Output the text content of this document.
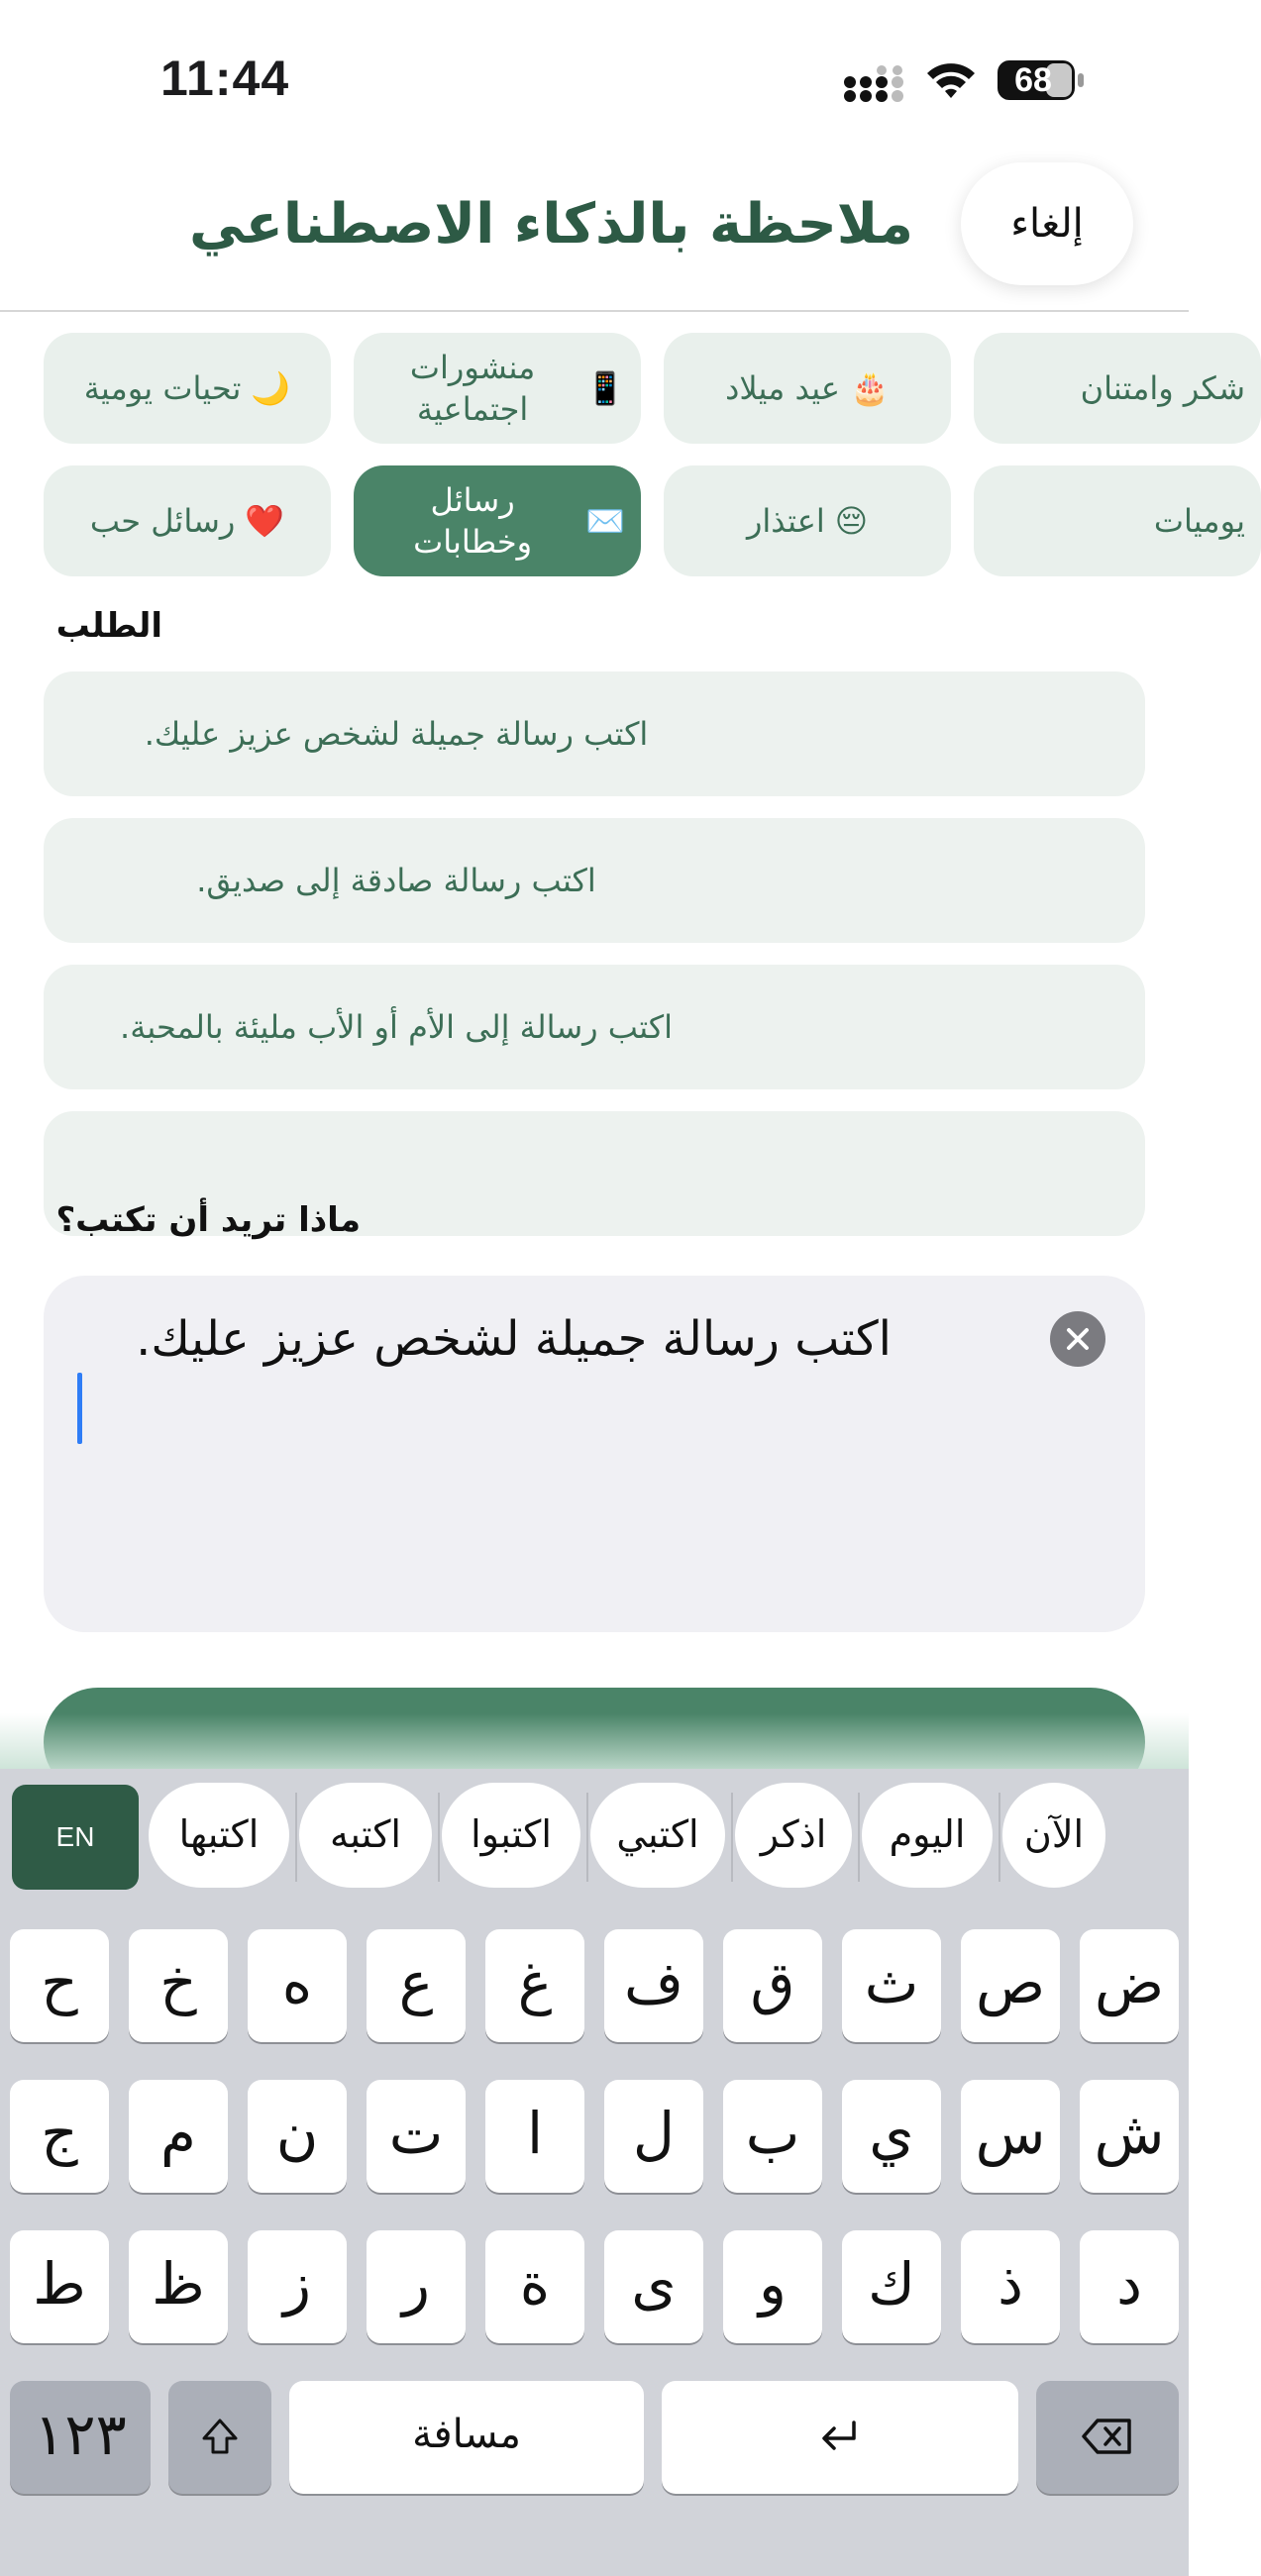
11:44	68
إلغاء
ملاحظة بالذكاء الاصطناعي
🌙
تحيات يومية	📱
منشورات اجتماعية
🎂
عيد ميلاد	شكر وامتنان
❤️
رسائل حب	✉️
رسائل وخطابات
😔
اعتذار	يوميات
الطلب
اكتب رسالة جميلة لشخص عزيز عليك.
اكتب رسالة صادقة إلى صديق.
اكتب رسالة إلى الأم أو الأب مليئة بالمحبة.
ماذا تريد أن تكتب؟
اكتب رسالة جميلة لشخص عزيز عليك.
EN	اكتبها	اكتبه	اكتبوا	اكتبي	اذكر	اليوم	الآن
ض
ص
ث
ق
ف
غ
ع
ه
خ
ح
ش
س
ي
ب
ل
ا
ت
ن
م
ج
د
ذ
ك
و
ى
ة
ر
ز
ظ
ط
١٢٣	مسافة
